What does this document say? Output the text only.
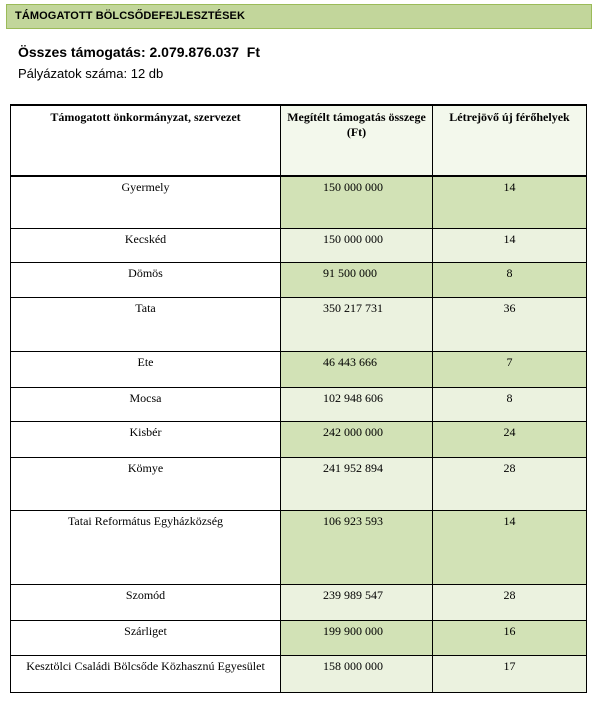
TÁMOGATOTT BÖLCSŐDEFEJLESZTÉSEK
Összes támogatás: 2.079.876.037  Ft
Pályázatok száma: 12 db
Támogatott önkormányzat, szervezet	Megítélt támogatás összege (Ft)	Létrejövő új férőhelyek
Gyermely	150 000 000	14
Kecskéd	150 000 000	14
Dömös	91 500 000	8
Tata	350 217 731	36
Ete	46 443 666	7
Mocsa	102 948 606	8
Kisbér	242 000 000	24
Kömye	241 952 894	28
Tatai Református Egyházközség	106 923 593	14
Szomód	239 989 547	28
Szárliget	199 900 000	16
Kesztölci Családi Bölcsőde Közhasznú Egyesület	158 000 000	17
